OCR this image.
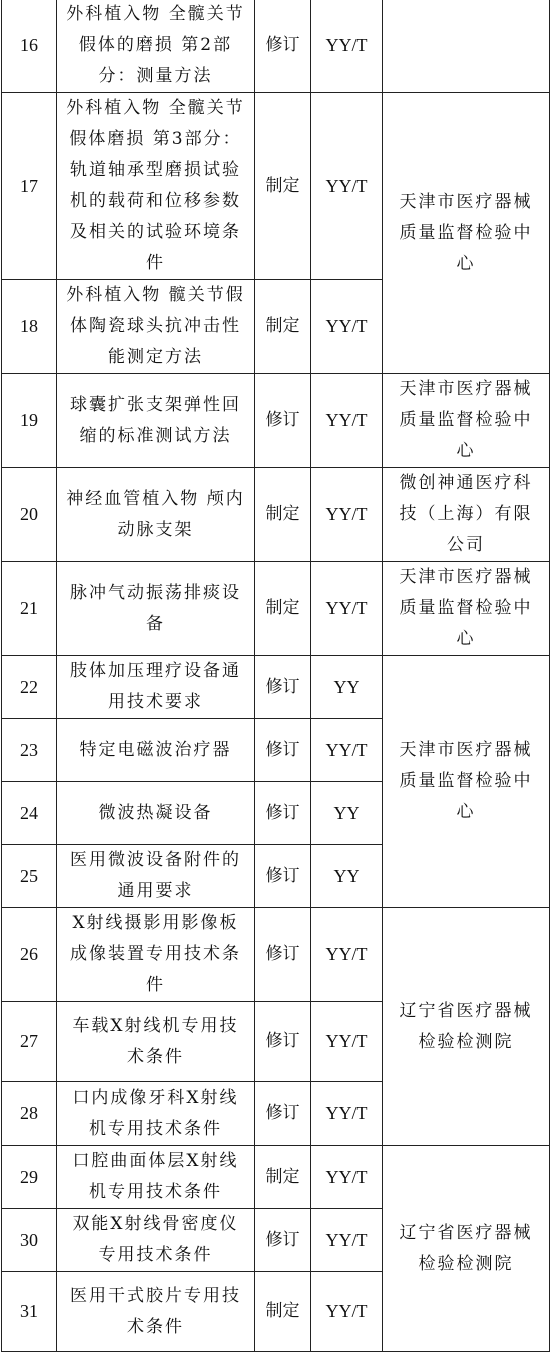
16	外科植入物 全髋关节假体的磨损 第2部分：测量方法	修订	YY/T	
17	外科植入物 全髋关节假体磨损 第3部分：轨道轴承型磨损试验机的载荷和位移参数及相关的试验环境条件	制定	YY/T	天津市医疗器械质量监督检验中心
18	外科植入物 髋关节假体陶瓷球头抗冲击性能测定方法	制定	YY/T	
19	球囊扩张支架弹性回缩的标准测试方法	修订	YY/T	天津市医疗器械质量监督检验中心
20	神经血管植入物 颅内动脉支架	制定	YY/T	微创神通医疗科技（上海）有限公司
21	脉冲气动振荡排痰设备	制定	YY/T	天津市医疗器械质量监督检验中心
22	肢体加压理疗设备通用技术要求	修订	YY	天津市医疗器械质量监督检验中心
23	特定电磁波治疗器	修订	YY/T	
24	微波热凝设备	修订	YY	
25	医用微波设备附件的通用要求	修订	YY	
26	X射线摄影用影像板成像装置专用技术条件	修订	YY/T	辽宁省医疗器械检验检测院
27	车载X射线机专用技术条件	修订	YY/T	
28	口内成像牙科X射线机专用技术条件	修订	YY/T	
29	口腔曲面体层X射线机专用技术条件	制定	YY/T	辽宁省医疗器械检验检测院
30	双能X射线骨密度仪专用技术条件	修订	YY/T	
31	医用干式胶片专用技术条件	制定	YY/T	
